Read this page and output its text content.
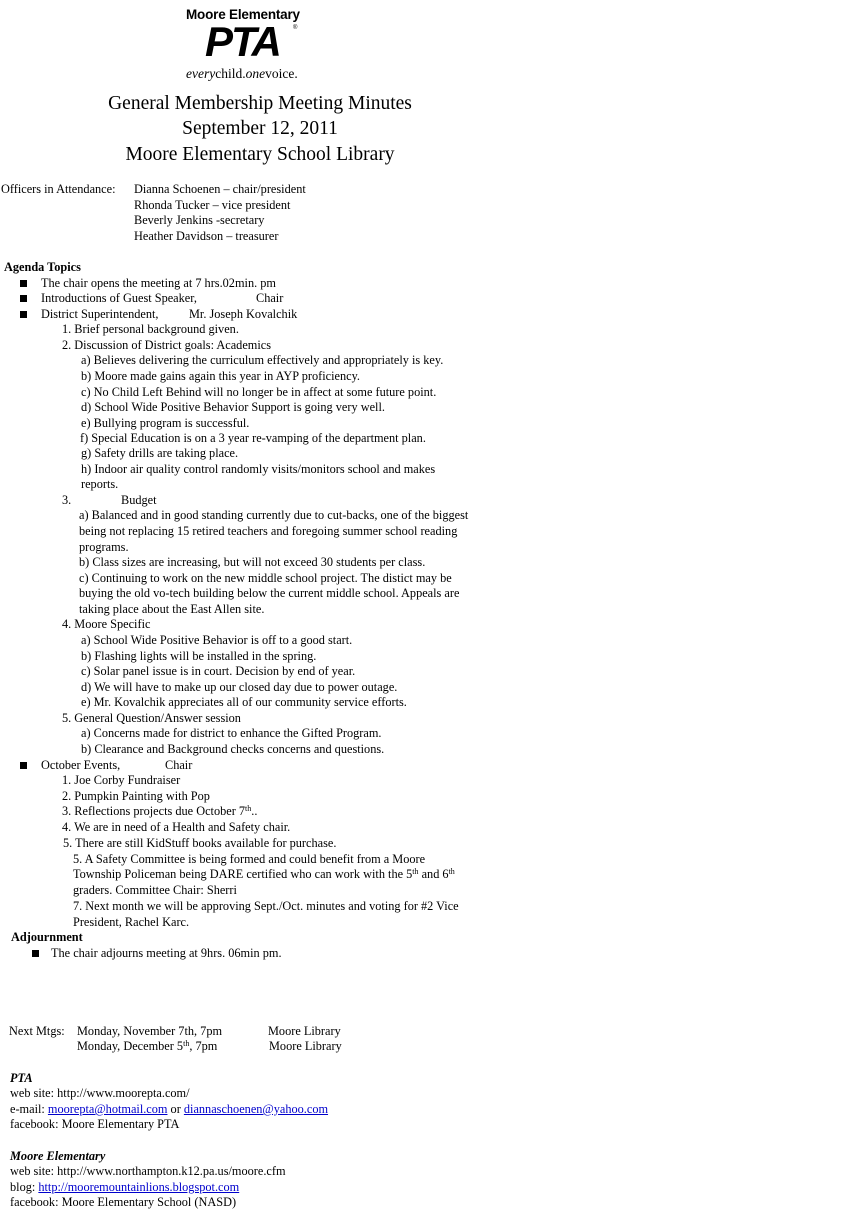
Moore Elementary
PTA ®
everychild.onevoice.
General Membership Meeting Minutes
September 12, 2011
Moore Elementary School Library
Officers in Attendance: Dianna Schoenen – chair/president
Rhonda Tucker – vice president
Beverly Jenkins -secretary
Heather Davidson – treasurer
Agenda Topics
The chair opens the meeting at 7 hrs.02min. pm
Introductions of Guest Speaker,	Chair
District Superintendent, Mr. Joseph Kovalchik
1. Brief personal background given.
2. Discussion of District goals: Academics
a) Believes delivering the curriculum effectively and appropriately is key.
b) Moore made gains again this year in AYP proficiency.
c) No Child Left Behind will no longer be in affect at some future point.
d) School Wide Positive Behavior Support is going very well.
e) Bullying program is successful.
f) Special Education is on a 3 year re-vamping of the department plan.
g) Safety drills are taking place.
h) Indoor air quality control randomly visits/monitors school and makes
reports.
3.	Budget
a) Balanced and in good standing currently due to cut-backs, one of the biggest
being not replacing 15 retired teachers and foregoing summer school reading
programs.
b) Class sizes are increasing, but will not exceed 30 students per class.
c) Continuing to work on the new middle school project. The distict may be
buying the old vo-tech building below the current middle school. Appeals are
taking place about the East Allen site.
4. Moore Specific
a) School Wide Positive Behavior is off to a good start.
b) Flashing lights will be installed in the spring.
c) Solar panel issue is in court. Decision by end of year.
d) We will have to make up our closed day due to power outage.
e) Mr. Kovalchik appreciates all of our community service efforts.
5. General Question/Answer session
a) Concerns made for district to enhance the Gifted Program.
b) Clearance and Background checks concerns and questions.
October Events,	Chair
1. Joe Corby Fundraiser
2. Pumpkin Painting with Pop
3. Reflections projects due October 7th..
4. We are in need of a Health and Safety chair.
5. There are still KidStuff books available for purchase.
5. A Safety Committee is being formed and could benefit from a Moore
Township Policeman being DARE certified who can work with the 5th and 6th
graders. Committee Chair: Sherri
7. Next month we will be approving Sept./Oct. minutes and voting for #2 Vice
President, Rachel Karc.
Adjournment
The chair adjourns meeting at 9hrs. 06min pm.
Next Mtgs: Monday, November 7th, 7pm	Moore Library
Monday, December 5th, 7pm	Moore Library
PTA
web site: http://www.moorepta.com/
e-mail: moorepta@hotmail.com or diannaschoenen@yahoo.com
facebook: Moore Elementary PTA
Moore Elementary
web site: http://www.northampton.k12.pa.us/moore.cfm
blog: http://mooremountainlions.blogspot.com
facebook: Moore Elementary School (NASD)
